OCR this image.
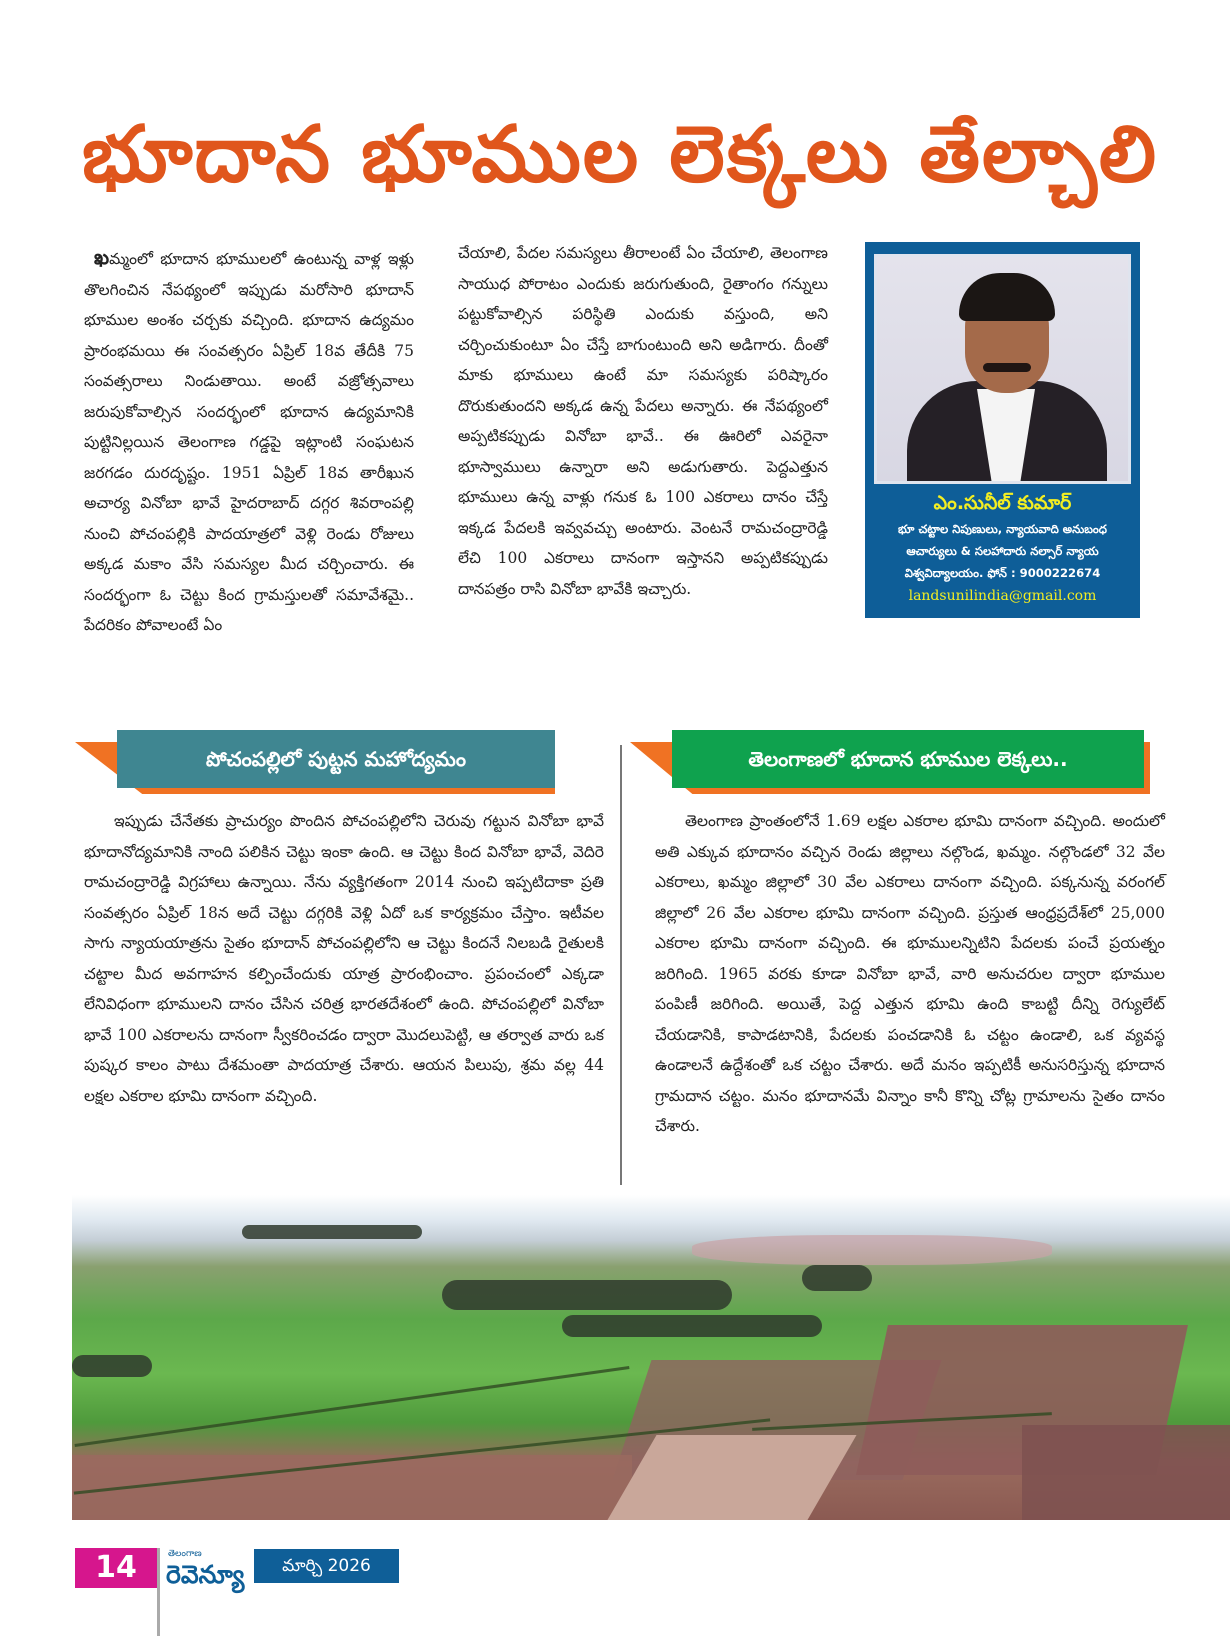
భూదాన భూముల లెక్కలు తేల్చాలి

ఖమ్మంలో భూదాన భూములలో ఉంటున్న వాళ్ల ఇళ్లు తొలగించిన నేపథ్యంలో ఇప్పుడు మరోసారి భూదాన్ భూముల అంశం చర్చకు వచ్చింది. భూదాన ఉద్యమం ప్రారంభమయి ఈ సంవత్సరం ఏప్రిల్ 18వ తేదీకి 75 సంవత్సరాలు నిండుతాయి. అంటే వజ్రోత్సవాలు జరుపుకోవాల్సిన సందర్భంలో భూదాన ఉద్యమానికి పుట్టినిల్లయిన తెలంగాణ గడ్డపై ఇట్లాంటి సంఘటన జరగడం దురదృష్టం. 1951 ఏప్రిల్ 18వ తారీఖున అచార్య వినోబా భావే హైదరాబాద్ దగ్గర శివరాంపల్లి నుంచి పోచంపల్లికి పాదయాత్రలో వెళ్లి రెండు రోజులు అక్కడ మకాం వేసి సమస్యల మీద చర్చించారు. ఈ సందర్భంగా ఓ చెట్టు కింద గ్రామస్తులతో సమావేశమై.. పేదరికం పోవాలంటే ఏం

చేయాలి, పేదల సమస్యలు తీరాలంటే ఏం చేయాలి, తెలంగాణ సాయుధ పోరాటం ఎందుకు జరుగుతుంది, రైతాంగం గన్నులు పట్టుకోవాల్సిన పరిస్థితి ఎందుకు వస్తుంది, అని చర్చించుకుంటూ ఏం చేస్తే బాగుంటుంది అని అడిగారు. దీంతో మాకు భూములు ఉంటే మా సమస్యకు పరిష్కారం దొరుకుతుందని అక్కడ ఉన్న పేదలు అన్నారు. ఈ నేపథ్యంలో అప్పటికప్పుడు వినోబా భావే.. ఈ ఊరిలో ఎవరైనా భూస్వాములు ఉన్నారా అని అడుగుతారు. పెద్దఎత్తున భూములు ఉన్న వాళ్లు గనుక ఓ 100 ఎకరాలు దానం చేస్తే ఇక్కడ పేదలకి ఇవ్వవచ్చు అంటారు. వెంటనే రామచంద్రారెడ్డి లేచి 100 ఎకరాలు దానంగా ఇస్తానని అప్పటికప్పుడు దానపత్రం రాసి వినోబా భావేకి ఇచ్చారు.

ఎం.సునీల్ కుమార్
భూ చట్టాల నిపుణులు, న్యాయవాది అనుబంధ
ఆచార్యులు & సలహాదారు నల్సార్ న్యాయ
విశ్వవిద్యాలయం. ఫోన్ : 9000222674
landsunilindia@gmail.com
పోచంపల్లిలో పుట్టన మహోద్యమం	తెలంగాణలో భూదాన భూముల లెక్కలు..

ఇప్పుడు చేనేతకు ప్రాచుర్యం పొందిన పోచంపల్లిలోని చెరువు గట్టున వినోబా భావే భూదానోద్యమానికి నాంది పలికిన చెట్టు ఇంకా ఉంది. ఆ చెట్టు కింద వినోబా భావే, వెదిరె రామచంద్రారెడ్డి విగ్రహాలు ఉన్నాయి. నేను వ్యక్తిగతంగా 2014 నుంచి ఇప్పటిదాకా ప్రతి సంవత్సరం ఏప్రిల్ 18న అదే చెట్టు దగ్గరికి వెళ్లి ఏదో ఒక కార్యక్రమం చేస్తాం. ఇటీవల సాగు న్యాయయాత్రను సైతం భూదాన్ పోచంపల్లిలోని ఆ చెట్టు కిందనే నిలబడి రైతులకి చట్టాల మీద అవగాహన కల్పించేందుకు యాత్ర ప్రారంభించాం. ప్రపంచంలో ఎక్కడా లేనివిధంగా భూములని దానం చేసిన చరిత్ర భారతదేశంలో ఉంది. పోచంపల్లిలో వినోబా భావే 100 ఎకరాలను దానంగా స్వీకరించడం ద్వారా మొదలుపెట్టి, ఆ తర్వాత వారు ఒక పుష్కర కాలం పాటు దేశమంతా పాదయాత్ర చేశారు. ఆయన పిలుపు, శ్రమ వల్ల 44 లక్షల ఎకరాల భూమి దానంగా వచ్చింది.

తెలంగాణ ప్రాంతంలోనే 1.69 లక్షల ఎకరాల భూమి దానంగా వచ్చింది. అందులో అతి ఎక్కువ భూదానం వచ్చిన రెండు జిల్లాలు నల్గొండ, ఖమ్మం. నల్గొండలో 32 వేల ఎకరాలు, ఖమ్మం జిల్లాలో 30 వేల ఎకరాలు దానంగా వచ్చింది. పక్కనున్న వరంగల్ జిల్లాలో 26 వేల ఎకరాల భూమి దానంగా వచ్చింది. ప్రస్తుత ఆంధ్రప్రదేశ్‌లో 25,000 ఎకరాల భూమి దానంగా వచ్చింది. ఈ భూములన్నిటిని పేదలకు పంచే ప్రయత్నం జరిగింది. 1965 వరకు కూడా వినోబా భావే, వారి అనుచరుల ద్వారా భూముల పంపిణీ జరిగింది. అయితే, పెద్ద ఎత్తున భూమి ఉంది కాబట్టి దీన్ని రెగ్యులేట్ చేయడానికి, కాపాడటానికి, పేదలకు పంచడానికి ఓ చట్టం ఉండాలి, ఒక వ్యవస్థ ఉండాలనే ఉద్దేశంతో ఒక చట్టం చేశారు. అదే మనం ఇప్పటికీ అనుసరిస్తున్న భూదాన గ్రామదాన చట్టం. మనం భూదానమే విన్నాం కానీ కొన్ని చోట్ల గ్రామాలను సైతం దానం చేశారు.

14	తెలంగాణ
రెవెన్యూ	మార్చి 2026
